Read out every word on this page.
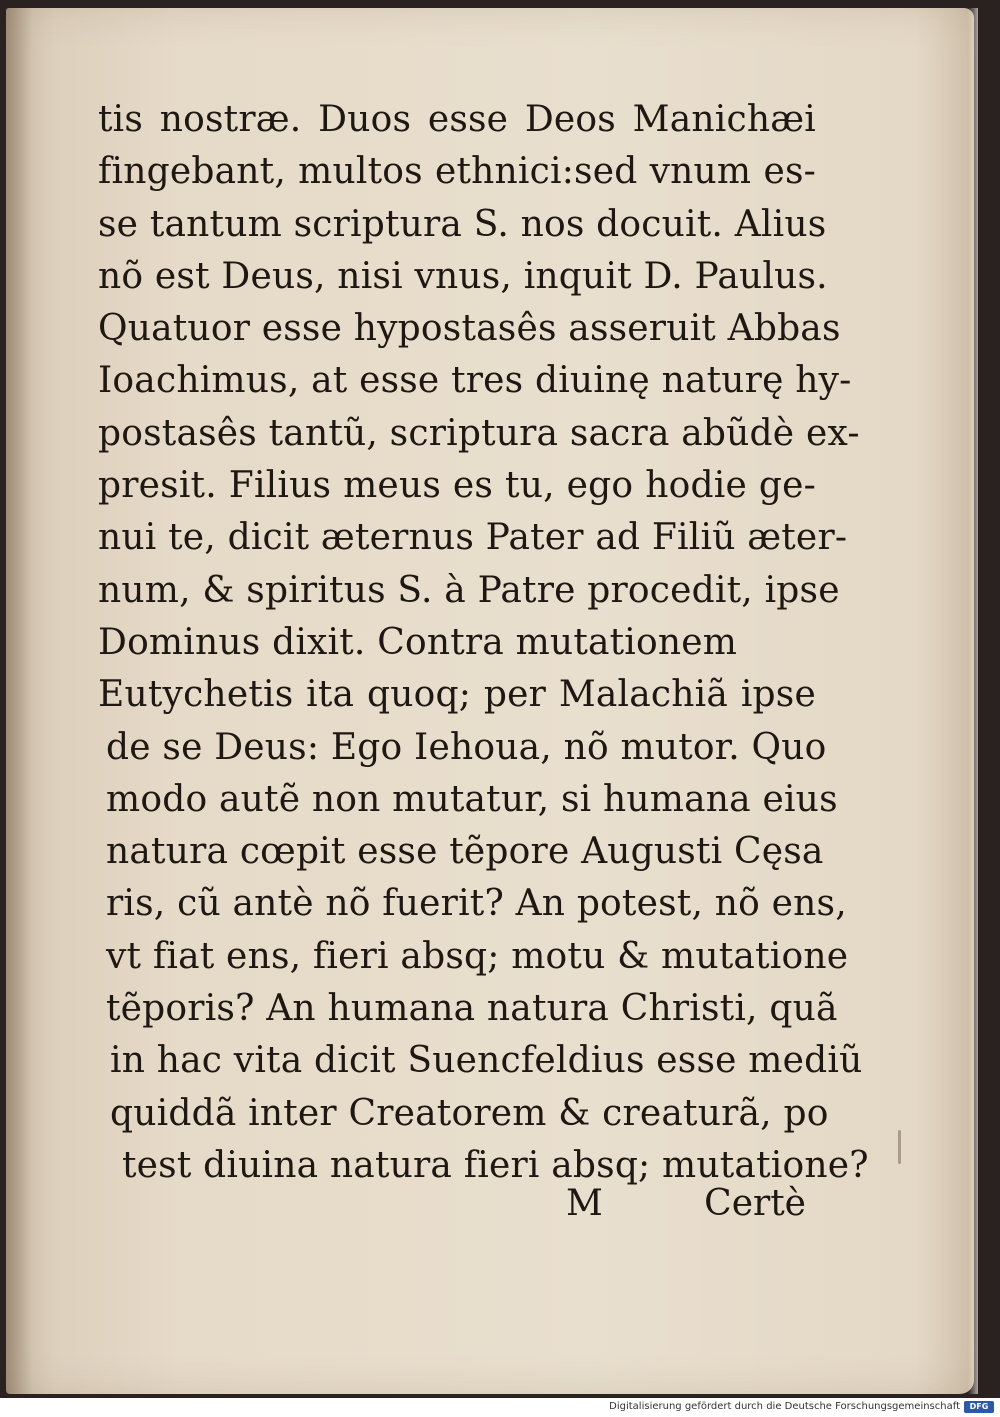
tis nostræ. Duos esse Deos Manichæi
fingebant, multos ethnici:sed vnum es-
se tantum scriptura S. nos docuit. Alius
nõ est Deus, nisi vnus, inquit D. Paulus.
Quatuor esse hypostasês asseruit Abbas
Ioachimus, at esse tres diuinę naturę hy-
postasês tantũ, scriptura sacra abũdè ex-
presit. Filius meus es tu, ego hodie ge-
nui te, dicit æternus Pater ad Filiũ æter-
num, & spiritus S. à Patre procedit, ipse
Dominus dixit. Contra mutationem
Eutychetis ita quoq; per Malachiã ipse
de se Deus: Ego Iehoua, nõ mutor. Quo
modo autẽ non mutatur, si humana eius
natura cœpit esse tẽpore Augusti Cęsa
ris, cũ antè nõ fuerit? An potest, nõ ens,
vt fiat ens, fieri absq; motu & mutatione
tẽporis? An humana natura Christi, quã
in hac vita dicit Suencfeldius esse mediũ
quiddã inter Creatorem & creaturã, po
test diuina natura fieri absq; mutatione?
M	Certè
Digitalisierung gefördert durch die Deutsche Forschungsgemeinschaft	DFG
